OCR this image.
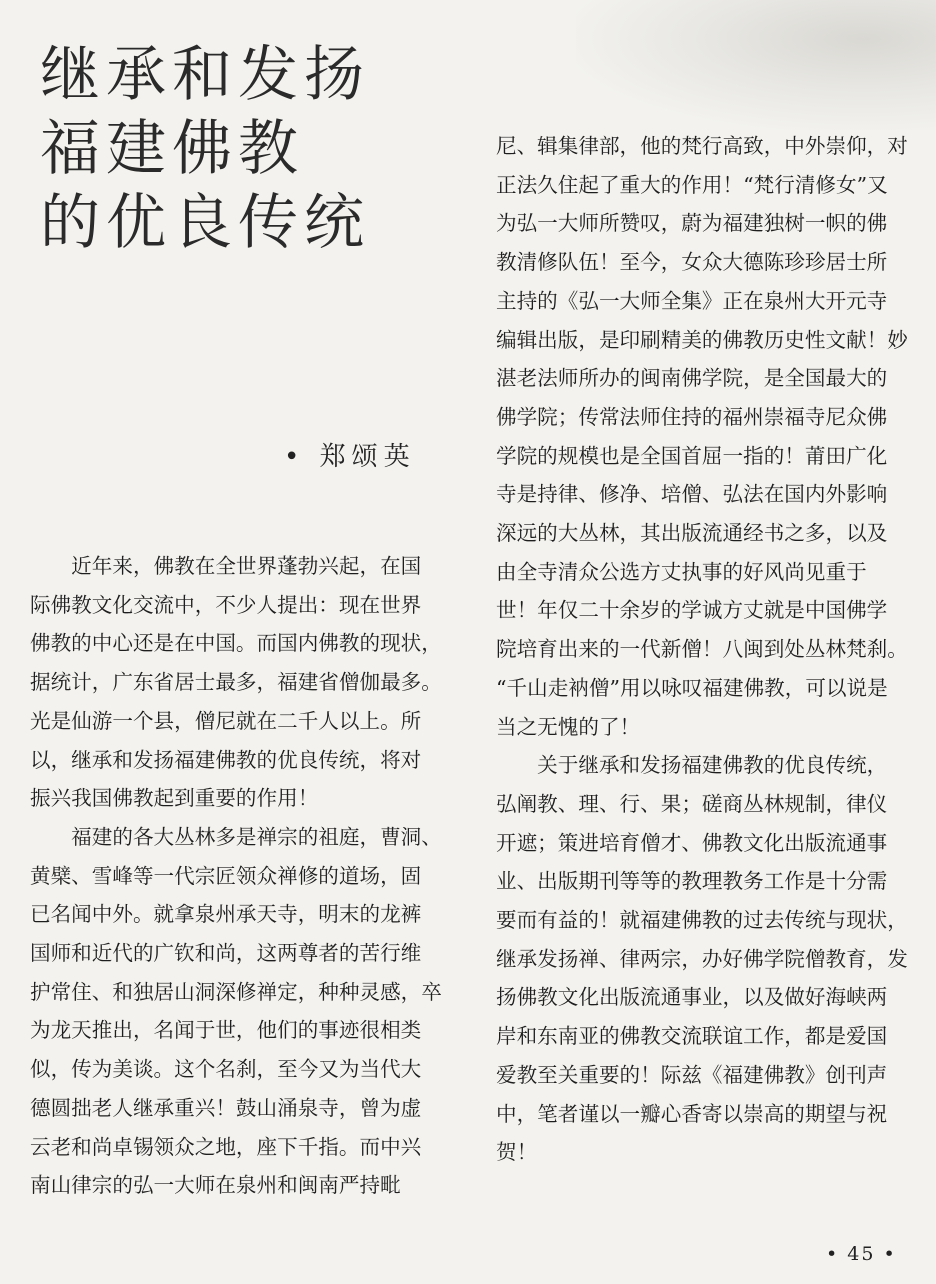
继承和发扬
福建佛教
的优良传统
• 郑颂英

　　近年来，佛教在全世界蓬勃兴起，在国

际佛教文化交流中，不少人提出：现在世界

佛教的中心还是在中国。而国内佛教的现状，

据统计，广东省居士最多，福建省僧伽最多。

光是仙游一个县，僧尼就在二千人以上。所

以，继承和发扬福建佛教的优良传统，将对

振兴我国佛教起到重要的作用！

　　福建的各大丛林多是禅宗的祖庭，曹洞、

黄檗、雪峰等一代宗匠领众禅修的道场，固

已名闻中外。就拿泉州承天寺，明末的龙裤

国师和近代的广钦和尚，这两尊者的苦行维

护常住、和独居山洞深修禅定，种种灵感，卒

为龙天推出，名闻于世，他们的事迹很相类

似，传为美谈。这个名刹，至今又为当代大

德圆拙老人继承重兴！鼓山涌泉寺，曾为虚

云老和尚卓锡领众之地，座下千指。而中兴

南山律宗的弘一大师在泉州和闽南严持毗

尼、辑集律部，他的梵行高致，中外崇仰，对

正法久住起了重大的作用！“梵行清修女”又

为弘一大师所赞叹，蔚为福建独树一帜的佛

教清修队伍！至今，女众大德陈珍珍居士所

主持的《弘一大师全集》正在泉州大开元寺

编辑出版，是印刷精美的佛教历史性文献！妙

湛老法师所办的闽南佛学院，是全国最大的

佛学院；传常法师住持的福州崇福寺尼众佛

学院的规模也是全国首屈一指的！莆田广化

寺是持律、修净、培僧、弘法在国内外影响

深远的大丛林，其出版流通经书之多，以及

由全寺清众公选方丈执事的好风尚见重于

世！年仅二十余岁的学诚方丈就是中国佛学

院培育出来的一代新僧！八闽到处丛林梵刹。

“千山走衲僧”用以咏叹福建佛教，可以说是

当之无愧的了！

　　关于继承和发扬福建佛教的优良传统，

弘阐教、理、行、果；磋商丛林规制，律仪

开遮；策进培育僧才、佛教文化出版流通事

业、出版期刊等等的教理教务工作是十分需

要而有益的！就福建佛教的过去传统与现状，

继承发扬禅、律两宗，办好佛学院僧教育，发

扬佛教文化出版流通事业，以及做好海峡两

岸和东南亚的佛教交流联谊工作，都是爱国

爱教至关重要的！际兹《福建佛教》创刊声

中，笔者谨以一瓣心香寄以崇高的期望与祝

贺！

• 45 •
